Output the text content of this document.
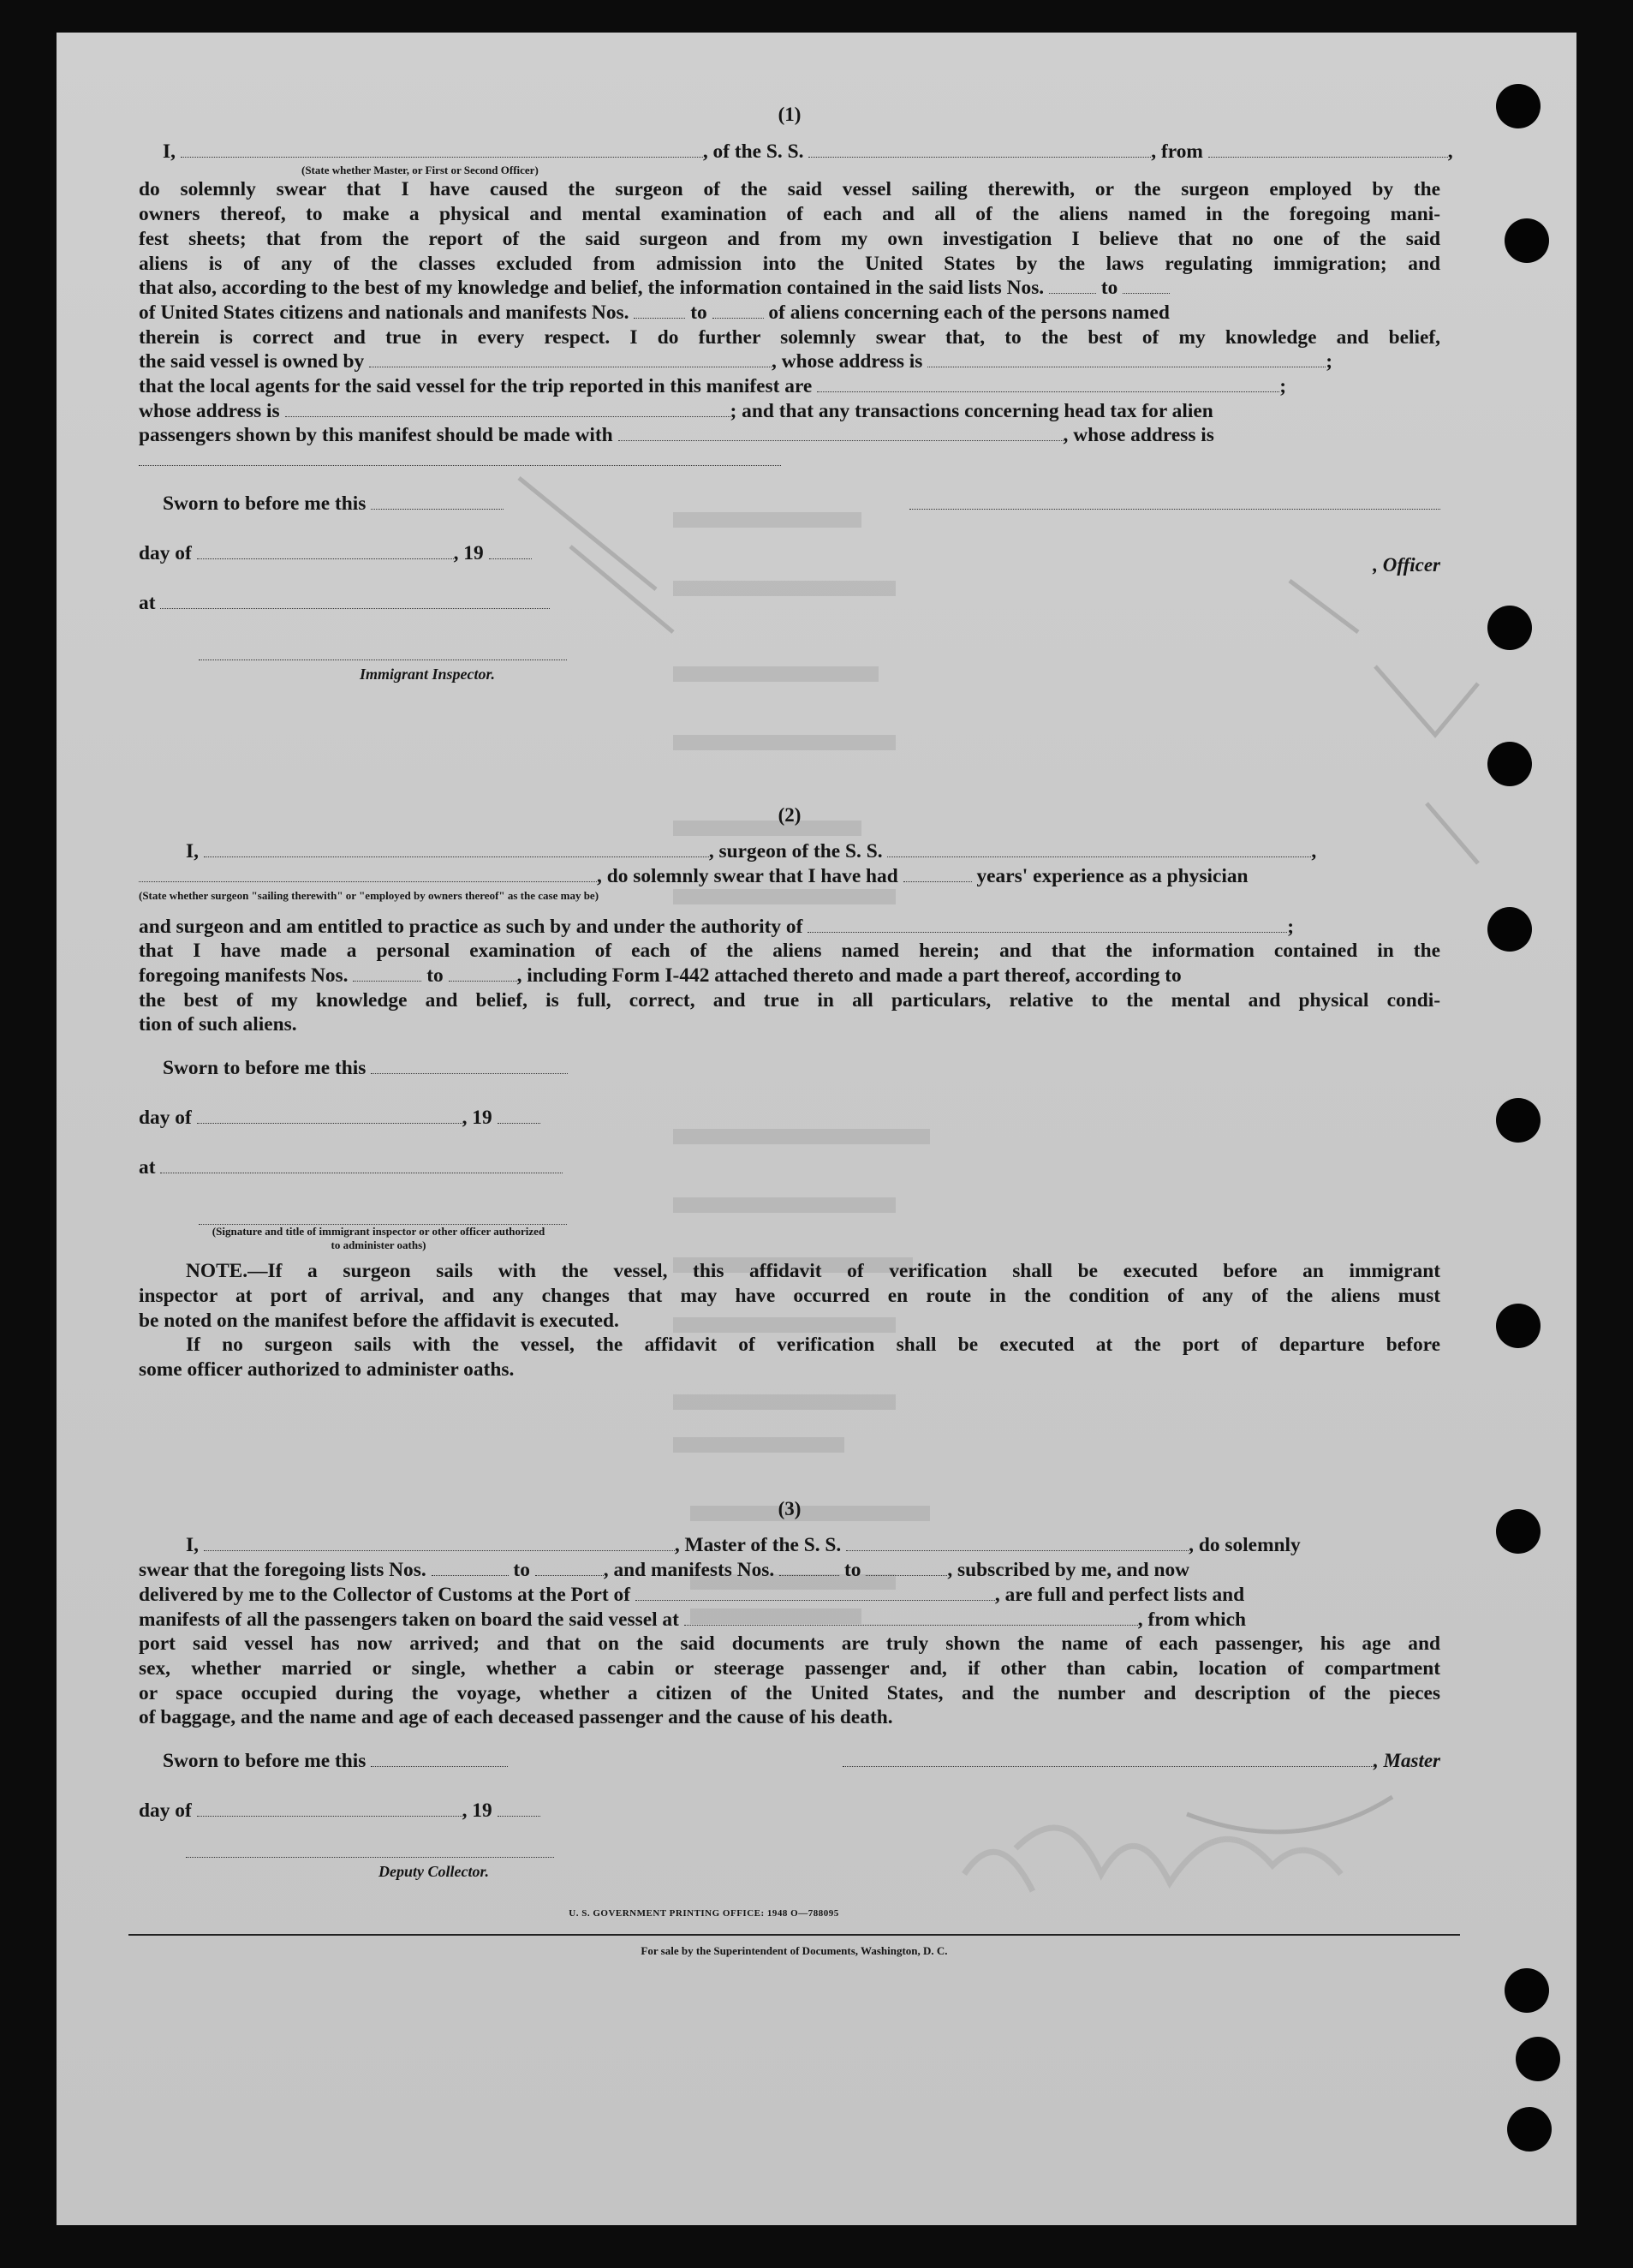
(1)
I,	, of the S. S.	, from	,
(State whether Master, or First or Second Officer)
do solemnly swear that I have caused the surgeon of the said vessel sailing therewith, or the surgeon employed by the
owners thereof, to make a physical and mental examination of each and all of the aliens named in the foregoing mani-
fest sheets; that from the report of the said surgeon and from my own investigation I believe that no one of the said
aliens is of any of the classes excluded from admission into the United States by the laws regulating immigration; and
that also, according to the best of my knowledge and belief, the information contained in the said lists Nos.	to
of United States citizens and nationals and manifests Nos.	to	of aliens concerning each of the persons named
therein is correct and true in every respect. I do further solemnly swear that, to the best of my knowledge and belief,
the said vessel is owned by	, whose address is	;
that the local agents for the said vessel for the trip reported in this manifest are	;
whose address is	; and that any transactions concerning head tax for alien
passengers shown by this manifest should be made with	, whose address is
Sworn to before me this
day of	, 19
, Officer
at
Immigrant Inspector.
(2)
I,	, surgeon of the S. S.	,
, do solemnly swear that I have had	years' experience as a physician
(State whether surgeon "sailing therewith" or "employed by owners thereof" as the case may be)
and surgeon and am entitled to practice as such by and under the authority of	;
that I have made a personal examination of each of the aliens named herein; and that the information contained in the
foregoing manifests Nos.	to	, including Form I-442 attached thereto and made a part thereof, according to
the best of my knowledge and belief, is full, correct, and true in all particulars, relative to the mental and physical condi-
tion of such aliens.
Sworn to before me this
day of	, 19
at
(Signature and title of immigrant inspector or other officer authorized to administer oaths)
NOTE.—If a surgeon sails with the vessel, this affidavit of verification shall be executed before an immigrant
inspector at port of arrival, and any changes that may have occurred en route in the condition of any of the aliens must
be noted on the manifest before the affidavit is executed.
If no surgeon sails with the vessel, the affidavit of verification shall be executed at the port of departure before
some officer authorized to administer oaths.
(3)
I,	, Master of the S. S.	, do solemnly
swear that the foregoing lists Nos.	to	, and manifests Nos.	to	, subscribed by me, and now
delivered by me to the Collector of Customs at the Port of	, are full and perfect lists and
manifests of all the passengers taken on board the said vessel at	, from which
port said vessel has now arrived; and that on the said documents are truly shown the name of each passenger, his age and
sex, whether married or single, whether a cabin or steerage passenger and, if other than cabin, location of compartment
or space occupied during the voyage, whether a citizen of the United States, and the number and description of the pieces
of baggage, and the name and age of each deceased passenger and the cause of his death.
Sworn to before me this	, Master
day of	, 19
Deputy Collector.
U. S. GOVERNMENT PRINTING OFFICE: 1948 O—788095
For sale by the Superintendent of Documents, Washington, D. C.
